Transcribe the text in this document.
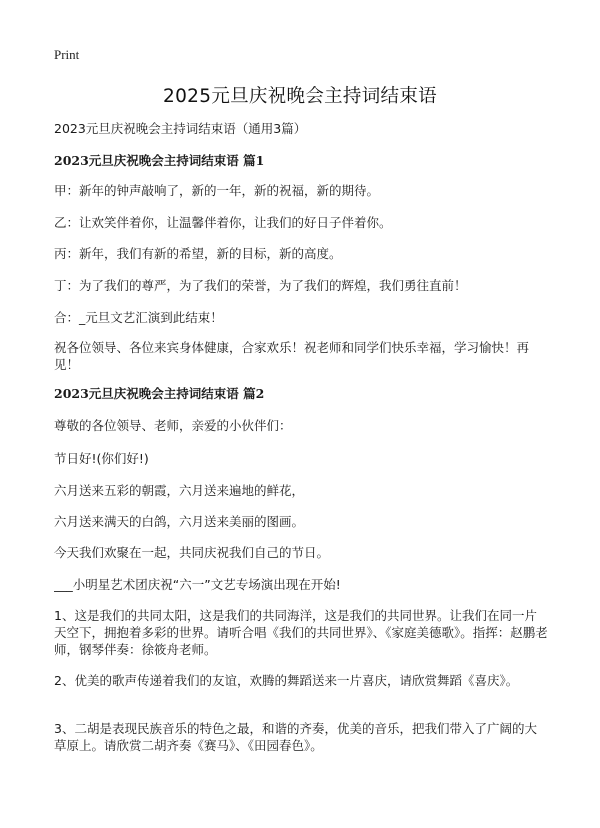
Print
2025元旦庆祝晚会主持词结束语

2023元旦庆祝晚会主持词结束语（通用3篇）

2023元旦庆祝晚会主持词结束语 篇1

甲：新年的钟声敲响了，新的一年，新的祝福，新的期待。

乙：让欢笑伴着你，让温馨伴着你，让我们的好日子伴着你。

丙：新年，我们有新的希望，新的目标，新的高度。

丁：为了我们的尊严，为了我们的荣誉，为了我们的辉煌，我们勇往直前！

合：_元旦文艺汇演到此结束！

祝各位领导、各位来宾身体健康，合家欢乐！祝老师和同学们快乐幸福，学习愉快！再见！

2023元旦庆祝晚会主持词结束语 篇2

尊敬的各位领导、老师，亲爱的小伙伴们：

节日好!(你们好!)

六月送来五彩的朝霞，六月送来遍地的鲜花，

六月送来满天的白鸽，六月送来美丽的图画。

今天我们欢聚在一起，共同庆祝我们自己的节日。

___小明星艺术团庆祝“六一”文艺专场演出现在开始!

1、这是我们的共同太阳，这是我们的共同海洋，这是我们的共同世界。让我们在同一片天空下，拥抱着多彩的世界。请听合唱《我们的共同世界》、《家庭美德歌》。指挥：赵鹏老师，钢琴伴奏：徐筱舟老师。

2、优美的歌声传递着我们的友谊，欢腾的舞蹈送来一片喜庆，请欣赏舞蹈《喜庆》。

3、二胡是表现民族音乐的特色之最，和谐的齐奏，优美的音乐，把我们带入了广阔的大草原上。请欣赏二胡齐奏《赛马》、《田园春色》。
